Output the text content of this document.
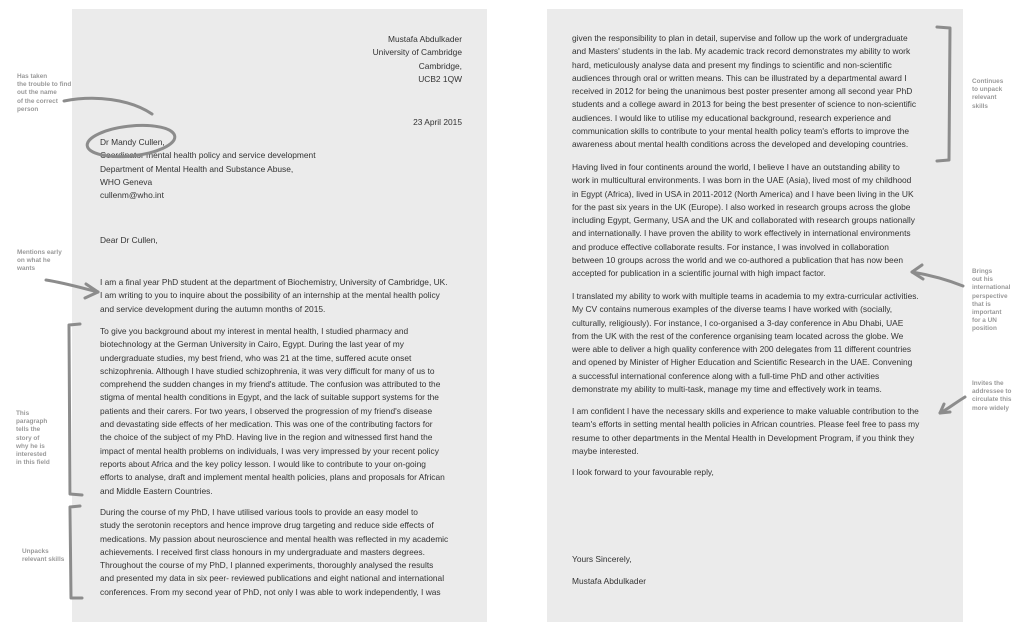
Mustafa Abdulkader
University of Cambridge
Cambridge,
UCB2 1QW
23 April 2015
Dr Mandy Cullen,
Coordinator mental health policy and service development
Department of Mental Health and Substance Abuse,
WHO Geneva
cullenm@who.int
Dear Dr Cullen,
I am a final year PhD student at the department of Biochemistry, University of Cambridge, UK.
I am writing to you to inquire about the possibility of an internship at the mental health policy
and service development during the autumn months of 2015.
To give you background about my interest in mental health, I studied pharmacy and
biotechnology at the German University in Cairo, Egypt. During the last year of my
undergraduate studies, my best friend, who was 21 at the time, suffered acute onset
schizophrenia. Although I have studied schizophrenia, it was very difficult for many of us to
comprehend the sudden changes in my friend's attitude. The confusion was attributed to the
stigma of mental health conditions in Egypt, and the lack of suitable support systems for the
patients and their carers. For two years, I observed the progression of my friend's disease
and devastating side effects of her medication. This was one of the contributing factors for
the choice of the subject of my PhD. Having live in the region and witnessed first hand the
impact of mental health problems on individuals, I was very impressed by your recent policy
reports about Africa and the key policy lesson. I would like to contribute to your on-going
efforts to analyse, draft and implement mental health policies, plans and proposals for African
and Middle Eastern Countries.
During the course of my PhD, I have utilised various tools to provide an easy model to
study the serotonin receptors and hence improve drug targeting and reduce side effects of
medications. My passion about neuroscience and mental health was reflected in my academic
achievements. I received first class honours in my undergraduate and masters degrees.
Throughout the course of my PhD, I planned experiments, thoroughly analysed the results
and presented my data in six peer- reviewed publications and eight national and international
conferences. From my second year of PhD, not only I was able to work independently, I was
given the responsibility to plan in detail, supervise and follow up the work of undergraduate
and Masters' students in the lab. My academic track record demonstrates my ability to work
hard, meticulously analyse data and present my findings to scientific and non-scientific
audiences through oral or written means. This can be illustrated by a departmental award I
received in 2012 for being the unanimous best poster presenter among all second year PhD
students and a college award in 2013 for being the best presenter of science to non-scientific
audiences. I would like to utilise my educational background, research experience and
communication skills to contribute to your mental health policy team's efforts to improve the
awareness about mental health conditions across the developed and developing countries.
Having lived in four continents around the world, I believe I have an outstanding ability to
work in multicultural environments. I was born in the UAE (Asia), lived most of my childhood
in Egypt (Africa), lived in USA in 2011-2012 (North America) and I have been living in the UK
for the past six years in the UK (Europe). I also worked in research groups across the globe
including Egypt, Germany, USA and the UK and collaborated with research groups nationally
and internationally. I have proven the ability to work effectively in international environments
and produce effective collaborate results. For instance, I was involved in collaboration
between 10 groups across the world and we co-authored a publication that has now been
accepted for publication in a scientific journal with high impact factor.
I translated my ability to work with multiple teams in academia to my extra-curricular activities.
My CV contains numerous examples of the diverse teams I have worked with (socially,
culturally, religiously). For instance, I co-organised a 3-day conference in Abu Dhabi, UAE
from the UK with the rest of the conference organising team located across the globe. We
were able to deliver a high quality conference with 200 delegates from 11 different countries
and opened by Minister of Higher Education and Scientific Research in the UAE. Convening
a successful international conference along with a full-time PhD and other activities
demonstrate my ability to multi-task, manage my time and effectively work in teams.
I am confident I have the necessary skills and experience to make valuable contribution to the
team's efforts in setting mental health policies in African countries. Please feel free to pass my
resume to other departments in the Mental Health in Development Program, if you think they
maybe interested.
I look forward to your favourable reply,
Yours Sincerely,
Mustafa Abdulkader
Has taken
the trouble to find
out the name
of the correct
person
Mentions early
on what he
wants
This
paragraph
tells the
story of
why he is
interested
in this field
Unpacks
relevant skills
Continues
to unpack
relevant
skills
Brings
out his
international
perspective
that is
important
for a UN
position
Invites the
addressee to
circulate this
more widely
